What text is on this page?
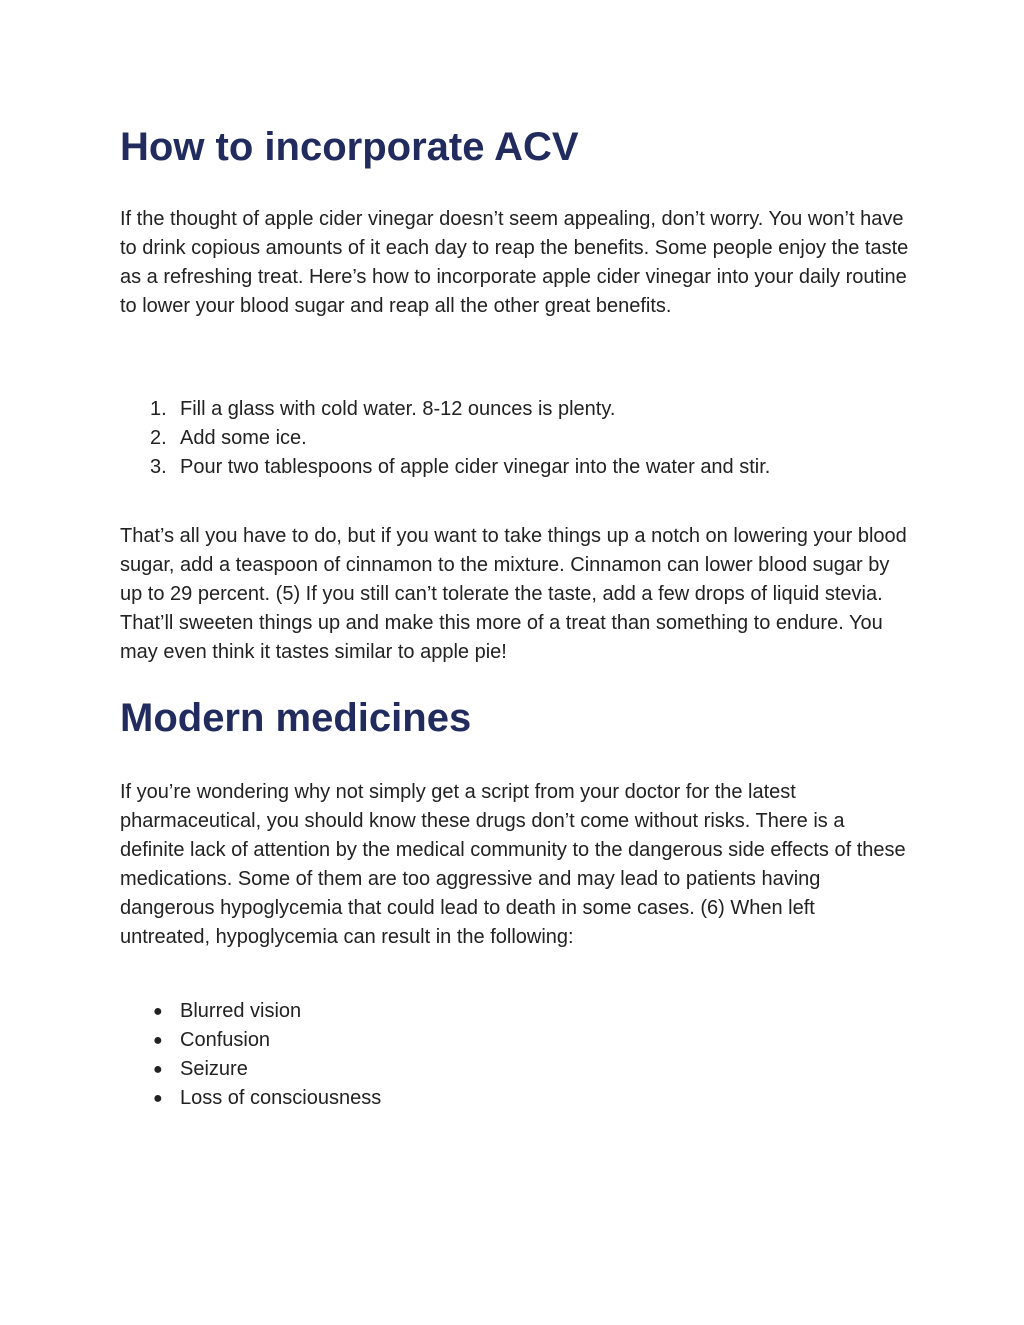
How to incorporate ACV

If the thought of apple cider vinegar doesn’t seem appealing, don’t worry. You won’t have to drink copious amounts of it each day to reap the benefits. Some people enjoy the taste as a refreshing treat. Here’s how to incorporate apple cider vinegar into your daily routine to lower your blood sugar and reap all the other great benefits.

1. Fill a glass with cold water. 8-12 ounces is plenty.
2. Add some ice.
3. Pour two tablespoons of apple cider vinegar into the water and stir.

That’s all you have to do, but if you want to take things up a notch on lowering your blood sugar, add a teaspoon of cinnamon to the mixture. Cinnamon can lower blood sugar by up to 29 percent. (5) If you still can’t tolerate the taste, add a few drops of liquid stevia. That’ll sweeten things up and make this more of a treat than something to endure. You may even think it tastes similar to apple pie!

Modern medicines

If you’re wondering why not simply get a script from your doctor for the latest pharmaceutical, you should know these drugs don’t come without risks. There is a definite lack of attention by the medical community to the dangerous side effects of these medications. Some of them are too aggressive and may lead to patients having dangerous hypoglycemia that could lead to death in some cases. (6) When left untreated, hypoglycemia can result in the following:

● Blurred vision
● Confusion
● Seizure
● Loss of consciousness
